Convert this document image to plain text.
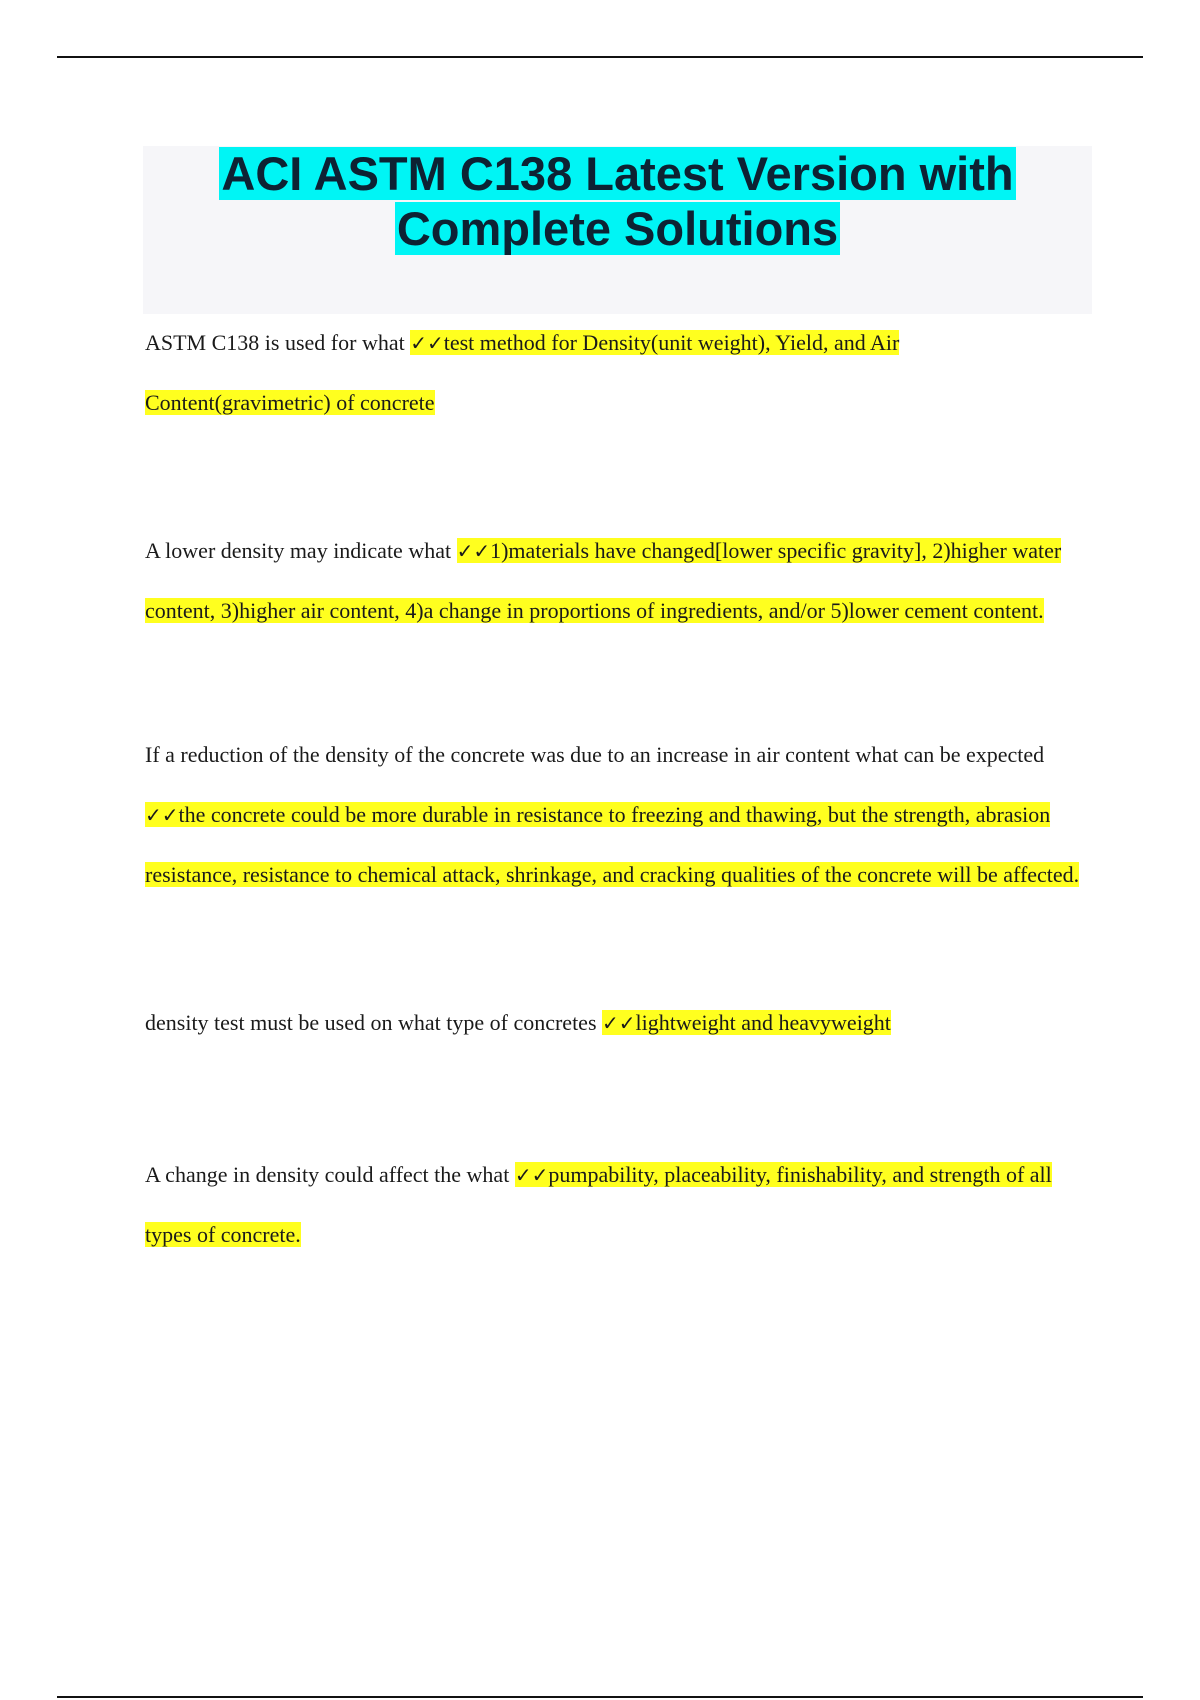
ACI ASTM C138 Latest Version with
Complete Solutions

ASTM C138 is used for what ✓✓test method for Density(unit weight), Yield, and Air Content(gravimetric) of concrete

A lower density may indicate what ✓✓1)materials have changed[lower specific gravity], 2)higher water content, 3)higher air content, 4)a change in proportions of ingredients, and/or 5)lower cement content.

If a reduction of the density of the concrete was due to an increase in air content what can be expected ✓✓the concrete could be more durable in resistance to freezing and thawing, but the strength, abrasion resistance, resistance to chemical attack, shrinkage, and cracking qualities of the concrete will be affected.

density test must be used on what type of concretes ✓✓lightweight and heavyweight

A change in density could affect the what ✓✓pumpability, placeability, finishability, and strength of all types of concrete.
